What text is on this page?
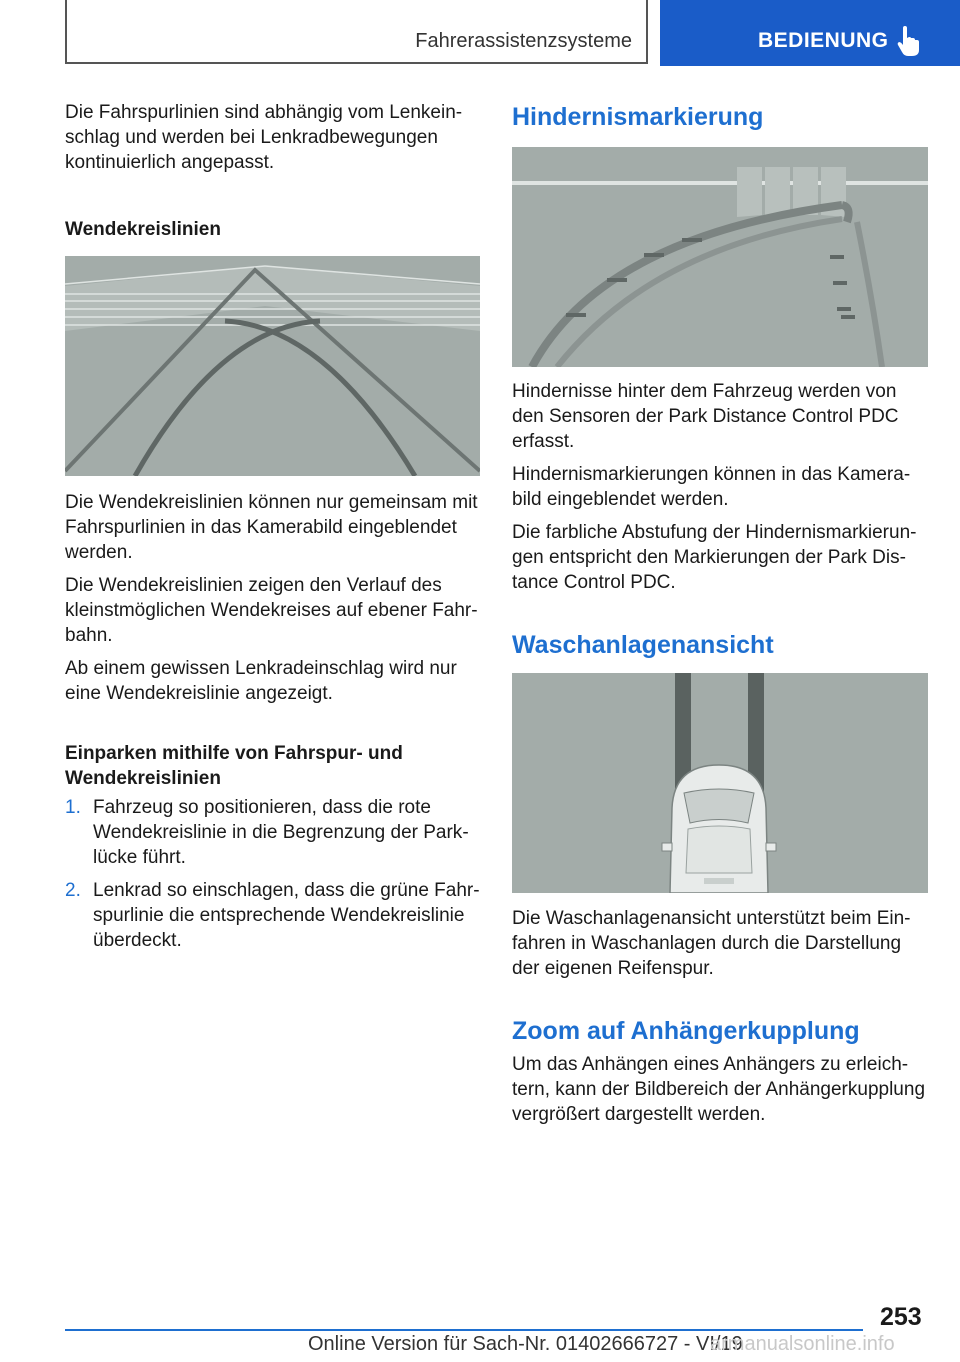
Fahrerassistenzsysteme	BEDIENUNG

Die Fahrspurlinien sind abhängig vom Lenkeinschlag und werden bei Lenkradbewegungen kontinuierlich angepasst.

Wendekreislinien

Die Wendekreislinien können nur gemeinsam mit Fahrspurlinien in das Kamerabild eingeblendet werden.

Die Wendekreislinien zeigen den Verlauf des kleinstmöglichen Wendekreises auf ebener Fahrbahn.

Ab einem gewissen Lenkradeinschlag wird nur eine Wendekreislinie angezeigt.

Einparken mithilfe von Fahrspur- und Wendekreislinien

1. Fahrzeug so positionieren, dass die rote Wendekreislinie in die Begrenzung der Parklücke führt.
2. Lenkrad so einschlagen, dass die grüne Fahrspurlinie die entsprechende Wendekreislinie überdeckt.

Hindernismarkierung

Hindernisse hinter dem Fahrzeug werden von den Sensoren der Park Distance Control PDC erfasst.

Hindernismarkierungen können in das Kamerabild eingeblendet werden.

Die farbliche Abstufung der Hindernismarkierungen entspricht den Markierungen der Park Distance Control PDC.

Waschanlagenansicht

Die Waschanlagenansicht unterstützt beim Einfahren in Waschanlagen durch die Darstellung der eigenen Reifenspur.

Zoom auf Anhängerkupplung

Um das Anhängen eines Anhängers zu erleichtern, kann der Bildbereich der Anhängerkupplung vergrößert dargestellt werden.

253
Online Version für Sach-Nr. 01402666727 - VI/19
armanualsonline.info
